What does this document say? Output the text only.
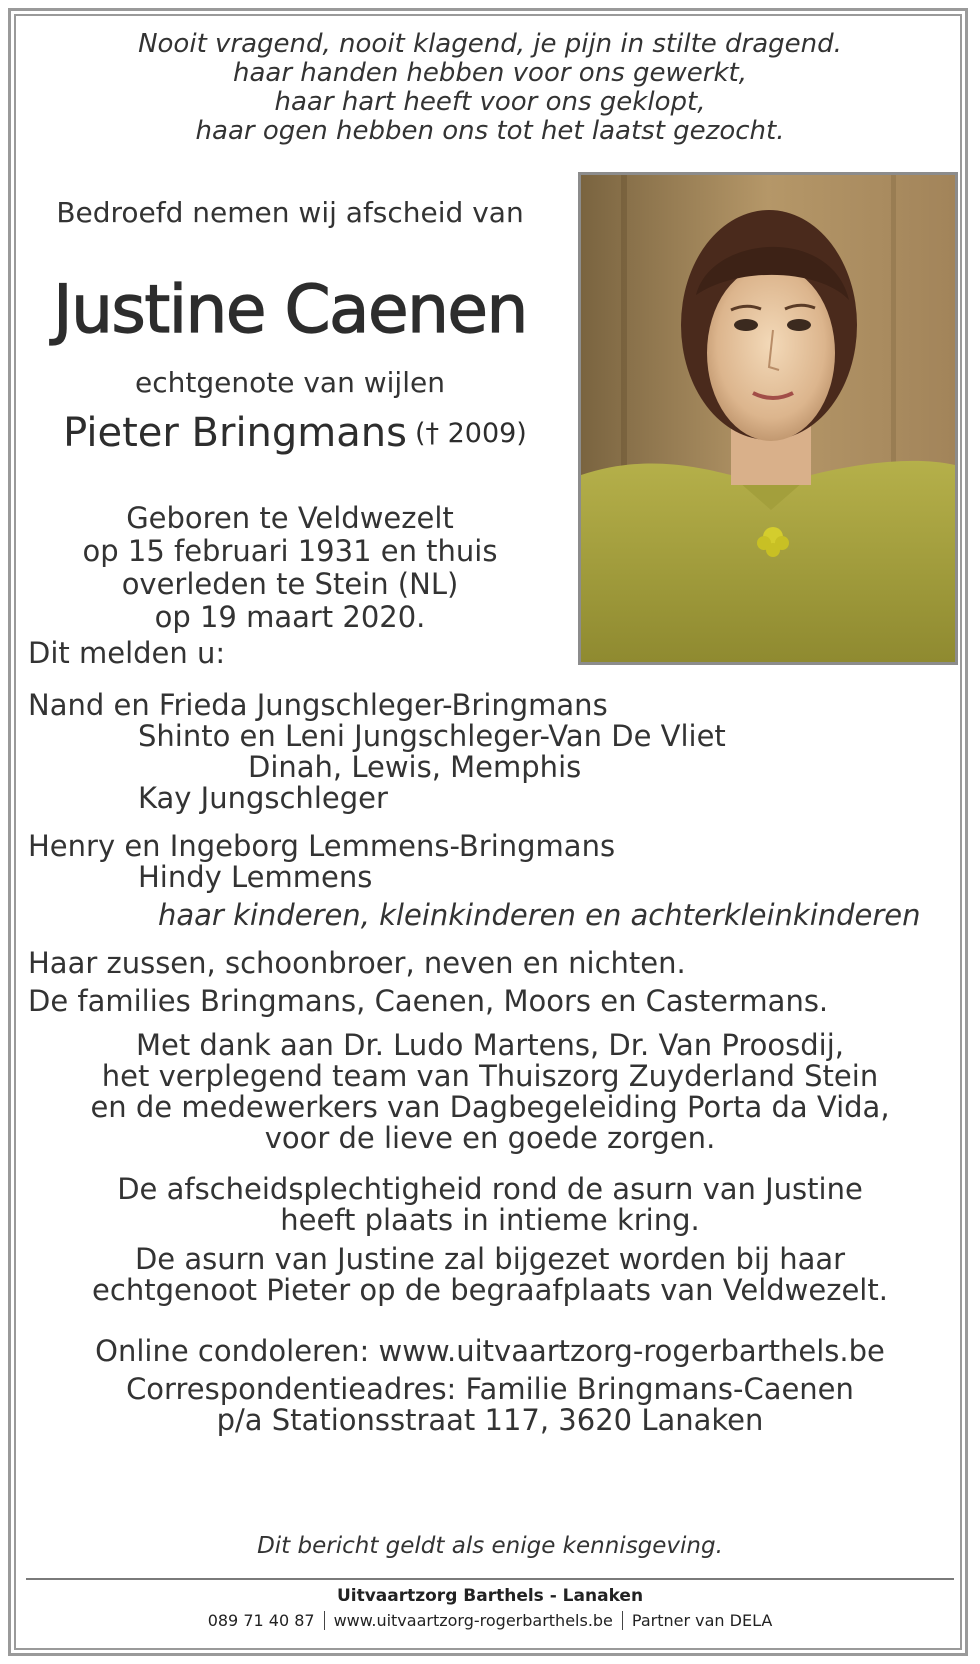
Nooit vragend, nooit klagend, je pijn in stilte dragend.
haar handen hebben voor ons gewerkt,
haar hart heeft voor ons geklopt,
haar ogen hebben ons tot het laatst gezocht.
Bedroefd nemen wij afscheid van
Justine Caenen
echtgenote van wijlen
Pieter Bringmans († 2009)
Geboren te Veldwezelt
op 15 februari 1931 en thuis
overleden te Stein (NL)
op 19 maart 2020.
Dit melden u:
Nand en Frieda Jungschleger-Bringmans
Shinto en Leni Jungschleger-Van De Vliet
Dinah, Lewis, Memphis
Kay Jungschleger
Henry en Ingeborg Lemmens-Bringmans
Hindy Lemmens
haar kinderen, kleinkinderen en achterkleinkinderen
Haar zussen, schoonbroer, neven en nichten.
De families Bringmans, Caenen, Moors en Castermans.
Met dank aan Dr. Ludo Martens, Dr. Van Proosdij,
het verplegend team van Thuiszorg Zuyderland Stein
en de medewerkers van Dagbegeleiding Porta da Vida,
voor de lieve en goede zorgen.
De afscheidsplechtigheid rond de asurn van Justine
heeft plaats in intieme kring.
De asurn van Justine zal bijgezet worden bij haar
echtgenoot Pieter op de begraafplaats van Veldwezelt.
Online condoleren: www.uitvaartzorg-rogerbarthels.be
Correspondentieadres: Familie Bringmans-Caenen
p/a Stationsstraat 117, 3620 Lanaken
Dit bericht geldt als enige kennisgeving.
Uitvaartzorg Barthels - Lanaken
089 71 40 87 www.uitvaartzorg-rogerbarthels.be Partner van DELA
